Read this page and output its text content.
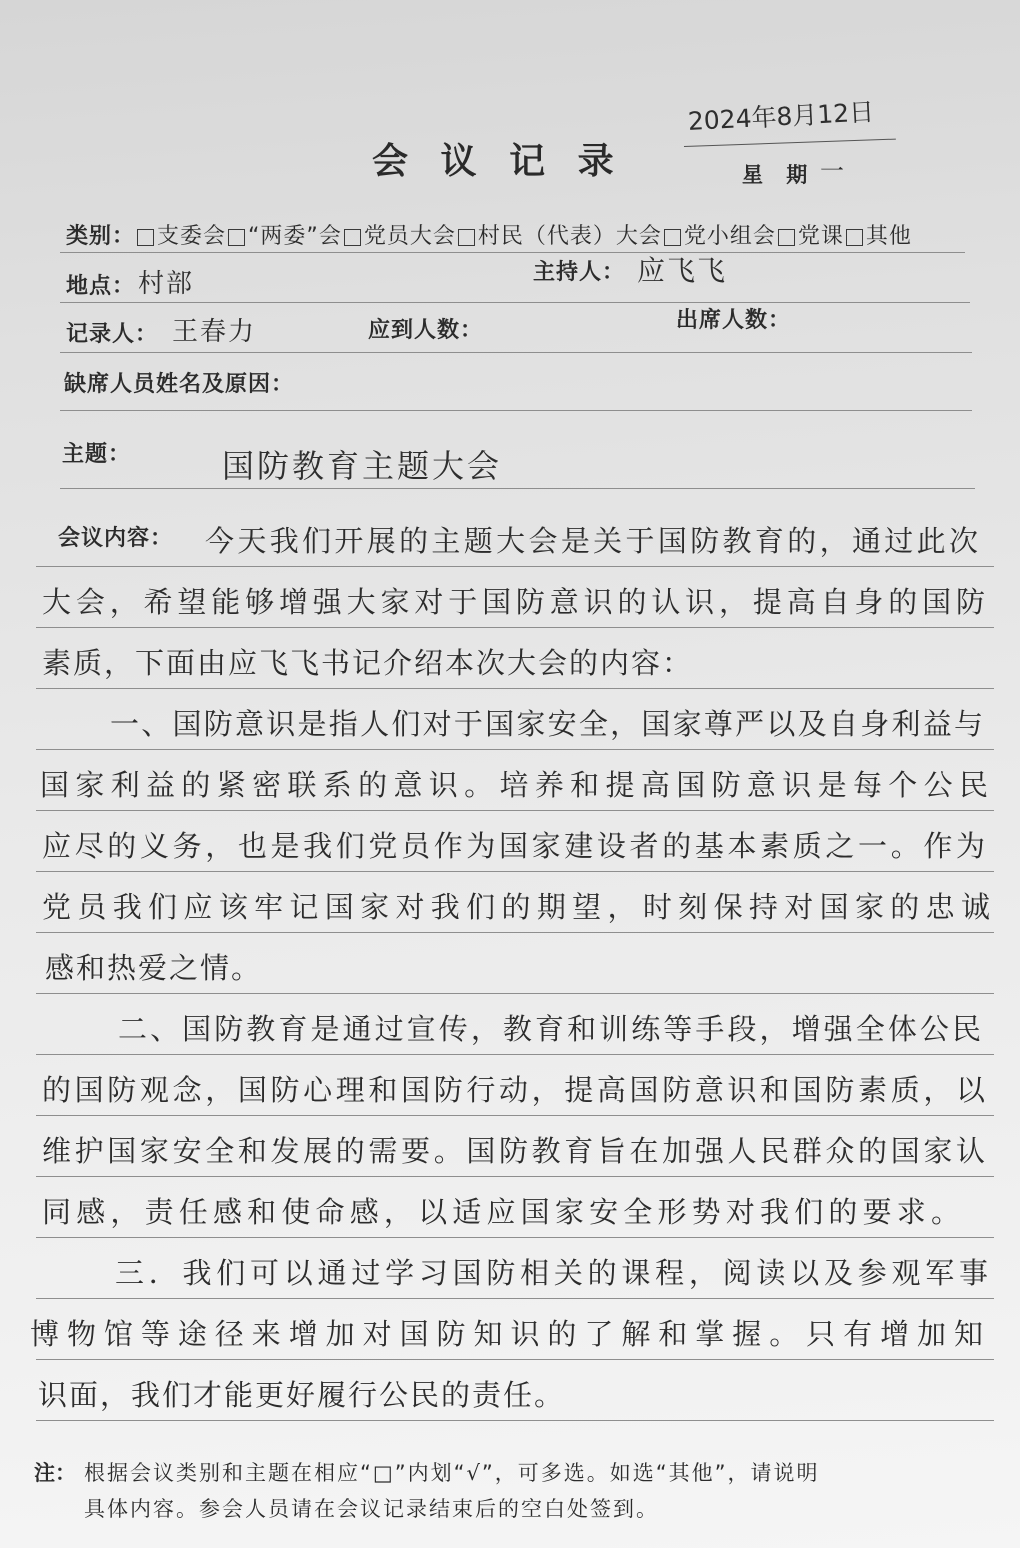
会 议 记 录
2024年8月12日
星 期 一
类别： 支委会 “两委”会 党员大会 村民（代表）大会 党小组会 党课 其他
地点： 村部	主持人： 应飞飞
记录人： 王春力	应到人数：	出席人数：
缺席人员姓名及原因：
主题：	国防教育主题大会
会议内容： 今天我们开展的主题大会是关于国防教育的，通过此次
大会，希望能够增强大家对于国防意识的认识，提高自身的国防
素质，下面由应飞飞书记介绍本次大会的内容：
一、国防意识是指人们对于国家安全，国家尊严以及自身利益与
国家利益的紧密联系的意识。培养和提高国防意识是每个公民
应尽的义务，也是我们党员作为国家建设者的基本素质之一。作为
党员我们应该牢记国家对我们的期望，时刻保持对国家的忠诚
感和热爱之情。
二、国防教育是通过宣传，教育和训练等手段，增强全体公民
的国防观念，国防心理和国防行动，提高国防意识和国防素质，以
维护国家安全和发展的需要。国防教育旨在加强人民群众的国家认
同感，责任感和使命感，以适应国家安全形势对我们的要求。
三．我们可以通过学习国防相关的课程，阅读以及参观军事
博物馆等途径来增加对国防知识的了解和掌握。只有增加知
识面，我们才能更好履行公民的责任。
注： 根据会议类别和主题在相应“□”内划“√”，可多选。如选“其他”，请说明
具体内容。参会人员请在会议记录结束后的空白处签到。
